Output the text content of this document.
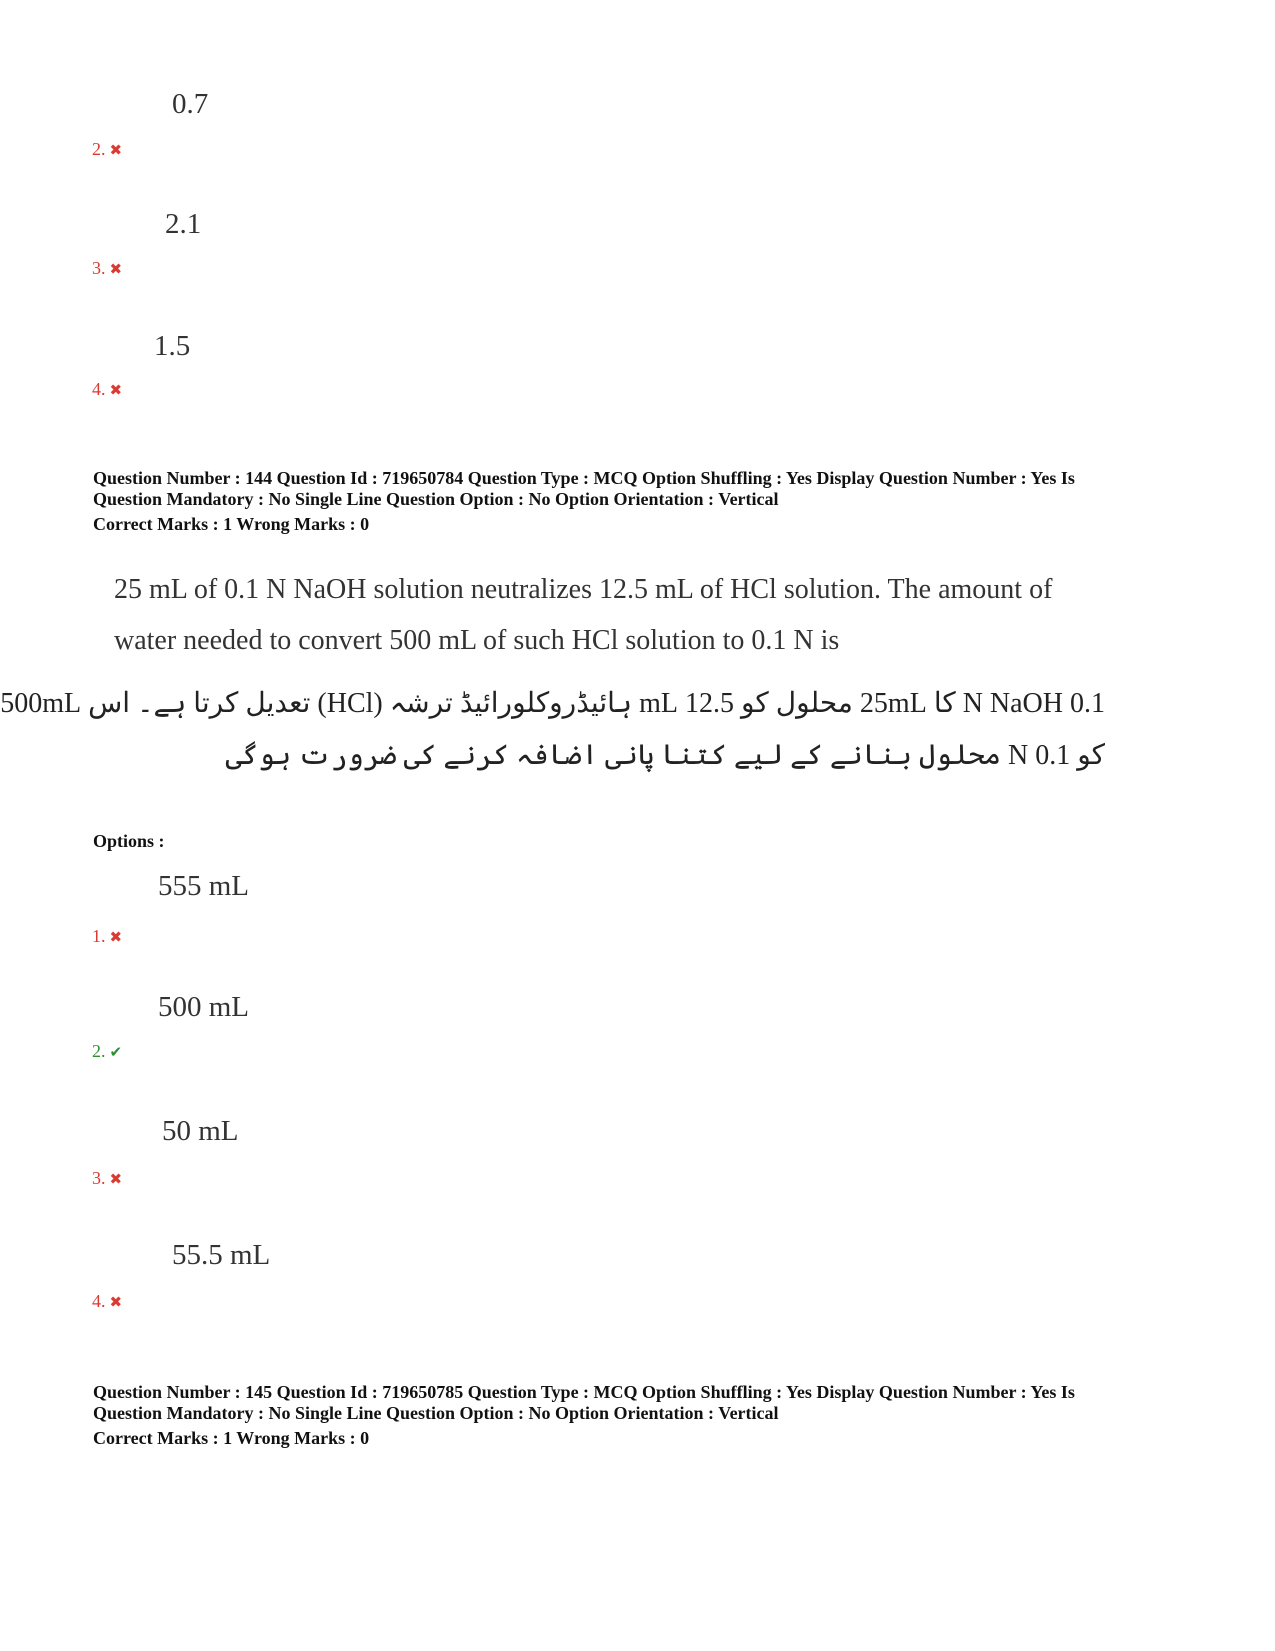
0.7
2. ✖
2.1
3. ✖
1.5
4. ✖
Question Number : 144 Question Id : 719650784 Question Type : MCQ Option Shuffling : Yes Display Question Number : Yes Is
Question Mandatory : No Single Line Question Option : No Option Orientation : Vertical
Correct Marks : 1 Wrong Marks : 0
25 mL of 0.1 N NaOH solution neutralizes 12.5 mL of HCl solution. The amount of
water needed to convert 500 mL of such HCl solution to 0.1 N is
0.1 N NaOH کا 25mL محلول کو 12.5 mL ہائیڈروکلورائیڈ ترشہ (HCl) تعدیل کرتا ہے۔ اس 500mL
کو 0.1 N محلول بنانے کے لیے کتنا پانی اضافہ کرنے کی ضرورت ہوگی
Options :
555 mL
1. ✖
500 mL
2. ✔
50 mL
3. ✖
55.5 mL
4. ✖
Question Number : 145 Question Id : 719650785 Question Type : MCQ Option Shuffling : Yes Display Question Number : Yes Is
Question Mandatory : No Single Line Question Option : No Option Orientation : Vertical
Correct Marks : 1 Wrong Marks : 0
